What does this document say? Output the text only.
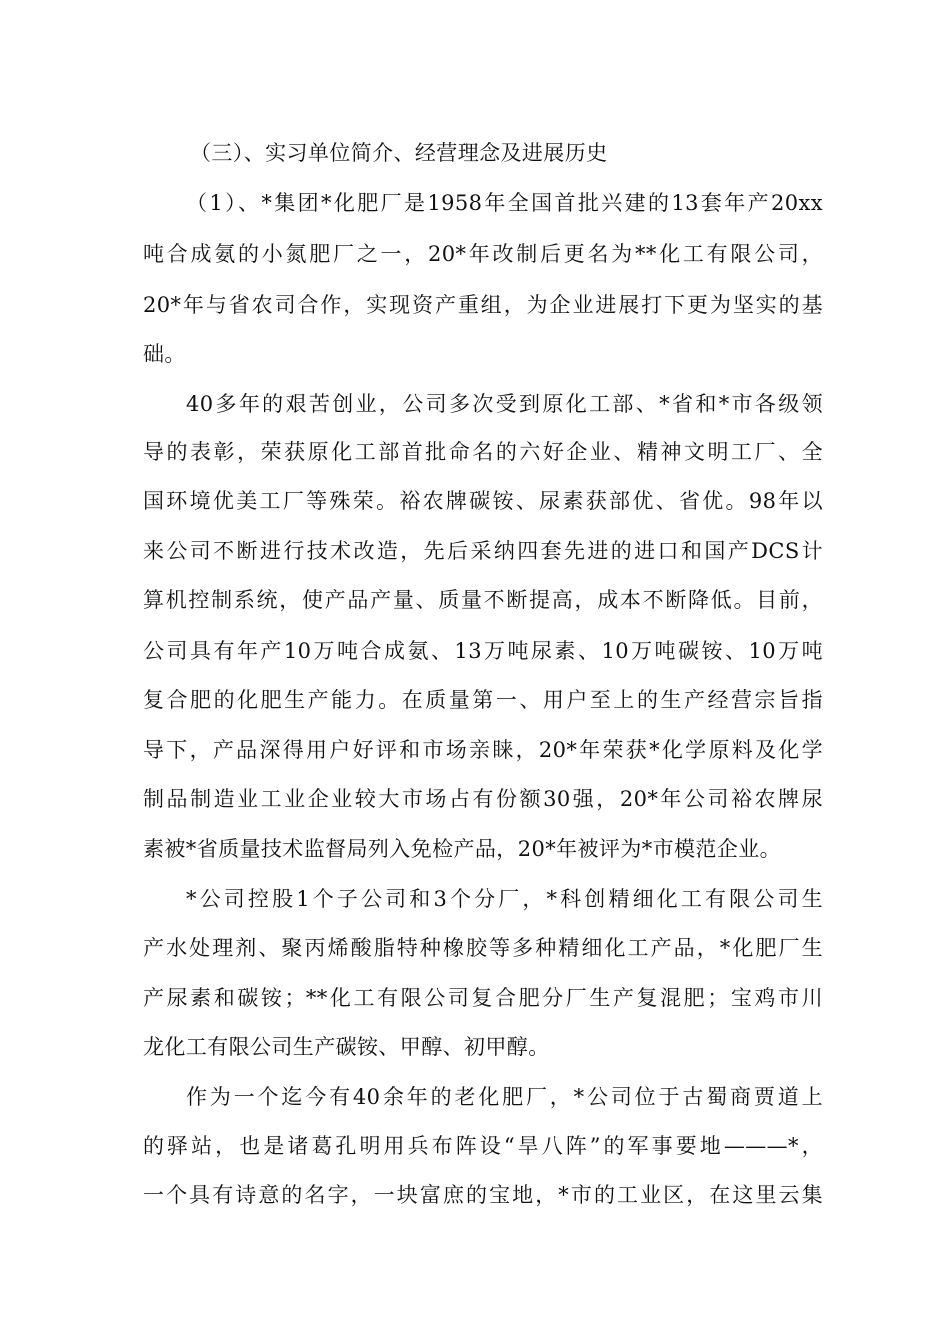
（三）、实习单位简介、经营理念及进展历史

（1）、*集团*化肥厂是1958年全国首批兴建的13套年产20xx

吨合成氨的小氮肥厂之一，20*年改制后更名为**化工有限公司，

20*年与省农司合作，实现资产重组，为企业进展打下更为坚实的基

础。

40多年的艰苦创业，公司多次受到原化工部、*省和*市各级领

导的表彰，荣获原化工部首批命名的六好企业、精神文明工厂、全

国环境优美工厂等殊荣。裕农牌碳铵、尿素获部优、省优。98年以

来公司不断进行技术改造，先后采纳四套先进的进口和国产DCS计

算机控制系统，使产品产量、质量不断提高，成本不断降低。目前，

公司具有年产10万吨合成氨、13万吨尿素、10万吨碳铵、10万吨

复合肥的化肥生产能力。在质量第一、用户至上的生产经营宗旨指

导下，产品深得用户好评和市场亲睐，20*年荣获*化学原料及化学

制品制造业工业企业较大市场占有份额30强，20*年公司裕农牌尿

素被*省质量技术监督局列入免检产品，20*年被评为*市模范企业。

*公司控股1个子公司和3个分厂，*科创精细化工有限公司生

产水处理剂、聚丙烯酸脂特种橡胶等多种精细化工产品，*化肥厂生

产尿素和碳铵；**化工有限公司复合肥分厂生产复混肥；宝鸡市川

龙化工有限公司生产碳铵、甲醇、初甲醇。

作为一个迄今有40余年的老化肥厂，*公司位于古蜀商贾道上

的驿站，也是诸葛孔明用兵布阵设“旱八阵”的军事要地———*，

一个具有诗意的名字，一块富庶的宝地，*市的工业区，在这里云集
